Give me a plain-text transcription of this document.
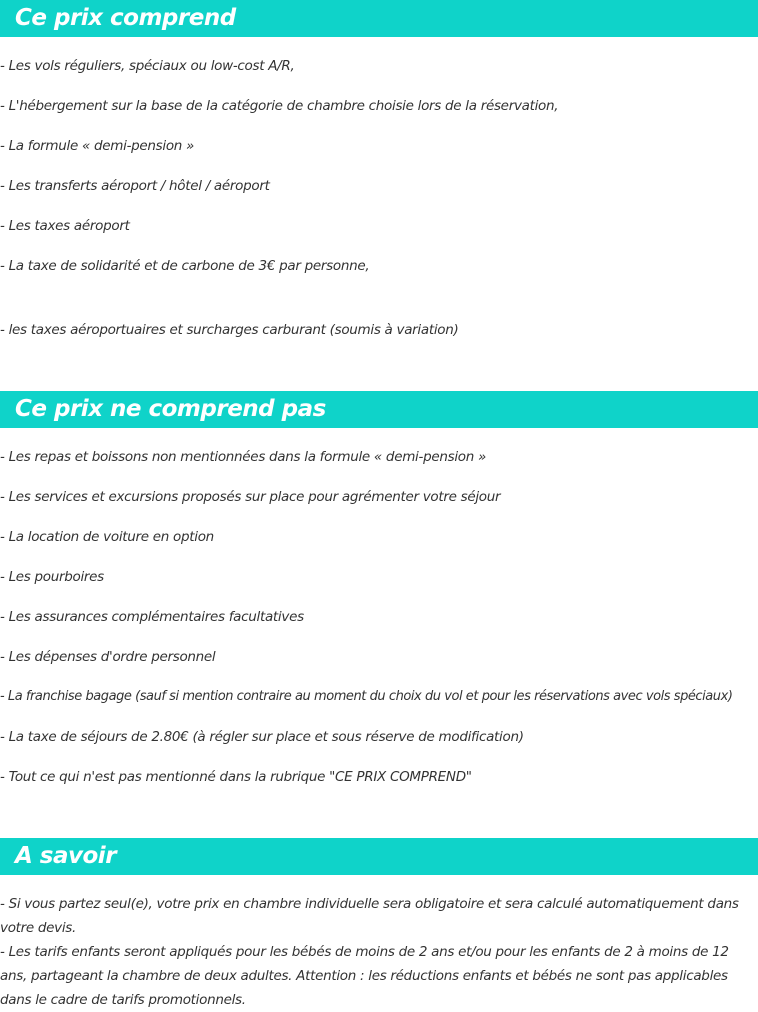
Ce prix comprend

- Les vols réguliers, spéciaux ou low-cost A/R,

- L'hébergement sur la base de la catégorie de chambre choisie lors de la réservation,

- La formule « demi-pension »

- Les transferts aéroport / hôtel / aéroport

- Les taxes aéroport

- La taxe de solidarité et de carbone de 3€ par personne,

- les taxes aéroportuaires et surcharges carburant (soumis à variation)

Ce prix ne comprend pas

- Les repas et boissons non mentionnées dans la formule « demi-pension »

- Les services et excursions proposés sur place pour agrémenter votre séjour

- La location de voiture en option

- Les pourboires

- Les assurances complémentaires facultatives

- Les dépenses d'ordre personnel

- La franchise bagage (sauf si mention contraire au moment du choix du vol et pour les réservations avec vols spéciaux)

- La taxe de séjours de 2.80€ (à régler sur place et sous réserve de modification)

- Tout ce qui n'est pas mentionné dans la rubrique "CE PRIX COMPREND"

A savoir

- Si vous partez seul(e), votre prix en chambre individuelle sera obligatoire et sera calculé automatiquement dans votre devis.

- Les tarifs enfants seront appliqués pour les bébés de moins de 2 ans et/ou pour les enfants de 2 à moins de 12 ans, partageant la chambre de deux adultes. Attention : les réductions enfants et bébés ne sont pas applicables dans le cadre de tarifs promotionnels.
